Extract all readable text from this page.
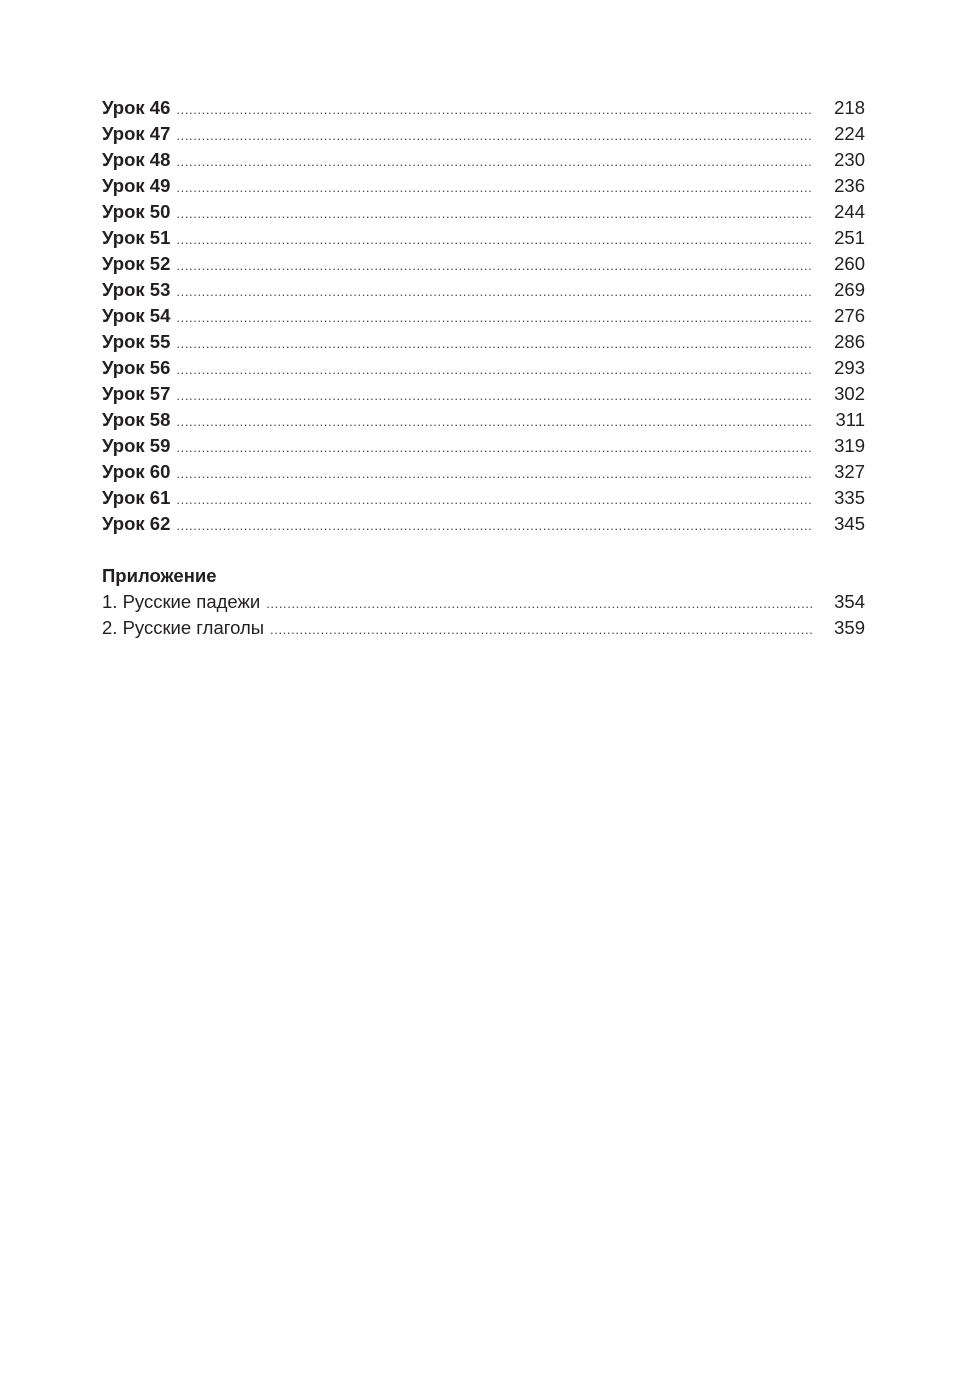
Урок 46 .....	218
Урок 47 .....	224
Урок 48 .....	230
Урок 49 .....	236
Урок 50 .....	244
Урок 51 .....	251
Урок 52 .....	260
Урок 53 .....	269
Урок 54 .....	276
Урок 55 .....	286
Урок 56 .....	293
Урок 57 .....	302
Урок 58 .....	311
Урок 59 .....	319
Урок 60 .....	327
Урок 61 .....	335
Урок 62 .....	345
Приложение
1. Русские падежи .....	354
2. Русские глаголы .....	359
